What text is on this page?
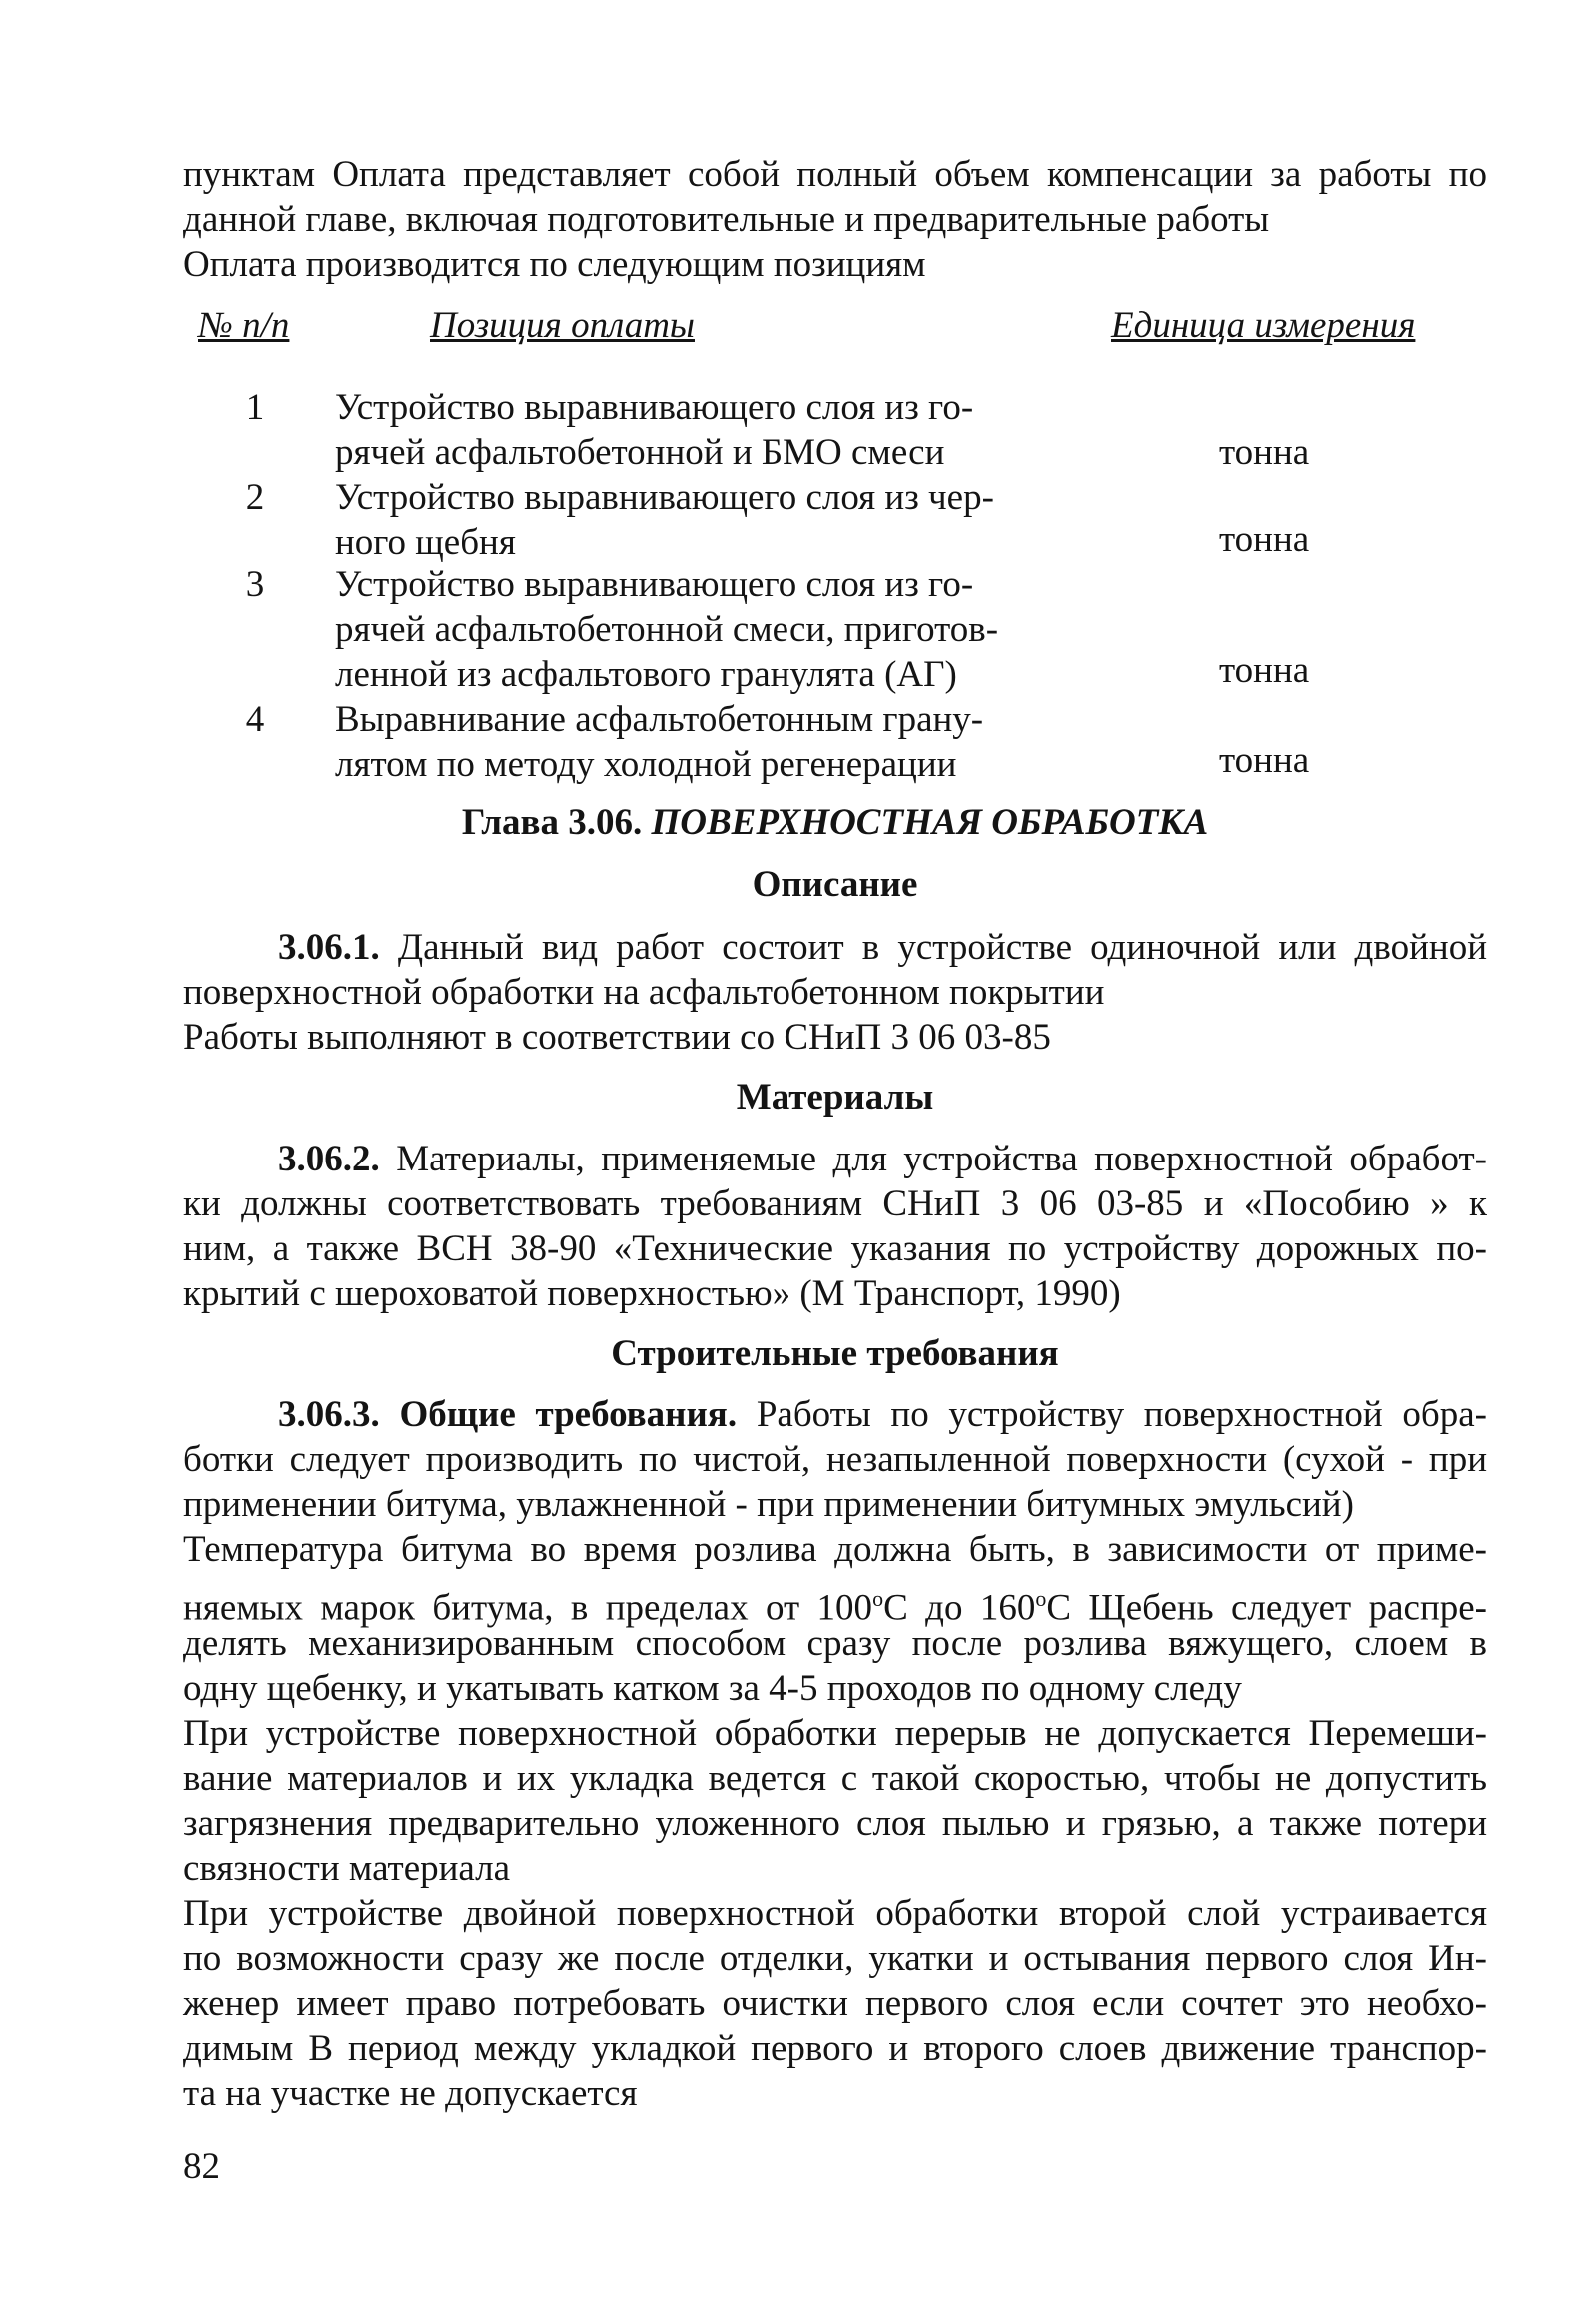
пунктам Оплата представляет собой полный объем компенсации за работы по
данной главе, включая подготовительные и предварительные работы
Оплата производится по следующим позициям
№ п/п	Позиция оплаты	Единица измерения
1 Устройство выравнивающего слоя из го-
рячей асфальтобетонной и БМО смеси	тонна
2 Устройство выравнивающего слоя из чер-
ного щебня	тонна
3 Устройство выравнивающего слоя из го-
рячей асфальтобетонной смеси, приготов-
ленной из асфальтового гранулята (АГ)	тонна
4 Выравнивание асфальтобетонным грану-
лятом по методу холодной регенерации	тонна
Глава 3.06. ПОВЕРХНОСТНАЯ ОБРАБОТКА
Описание
3.06.1. Данный вид работ состоит в устройстве одиночной или двойной
поверхностной обработки на асфальтобетонном покрытии
Работы выполняют в соответствии со СНиП 3 06 03-85
Материалы
3.06.2. Материалы, применяемые для устройства поверхностной обработ-
ки должны соответствовать требованиям СНиП 3 06 03-85 и «Пособию » к
ним, а также ВСН 38-90 «Технические указания по устройству дорожных по-
крытий с шероховатой поверхностью» (М Транспорт, 1990)
Строительные требования
3.06.3. Общие требования. Работы по устройству поверхностной обра-
ботки следует производить по чистой, незапыленной поверхности (сухой - при
применении битума, увлажненной - при применении битумных эмульсий)
Температура битума во время розлива должна быть, в зависимости от приме-
няемых марок битума, в пределах от 100$^o$С до 160$^o$С Щебень следует распре-
делять механизированным способом сразу после розлива вяжущего, слоем в
одну щебенку, и укатывать катком за 4-5 проходов по одному следу
При устройстве поверхностной обработки перерыв не допускается Перемеши-
вание материалов и их укладка ведется с такой скоростью, чтобы не допустить
загрязнения предварительно уложенного слоя пылью и грязью, а также потери
связности материала
При устройстве двойной поверхностной обработки второй слой устраивается
по возможности сразу же после отделки, укатки и остывания первого слоя Ин-
женер имеет право потребовать очистки первого слоя если сочтет это необхо-
димым В период между укладкой первого и второго слоев движение транспор-
та на участке не допускается
82
